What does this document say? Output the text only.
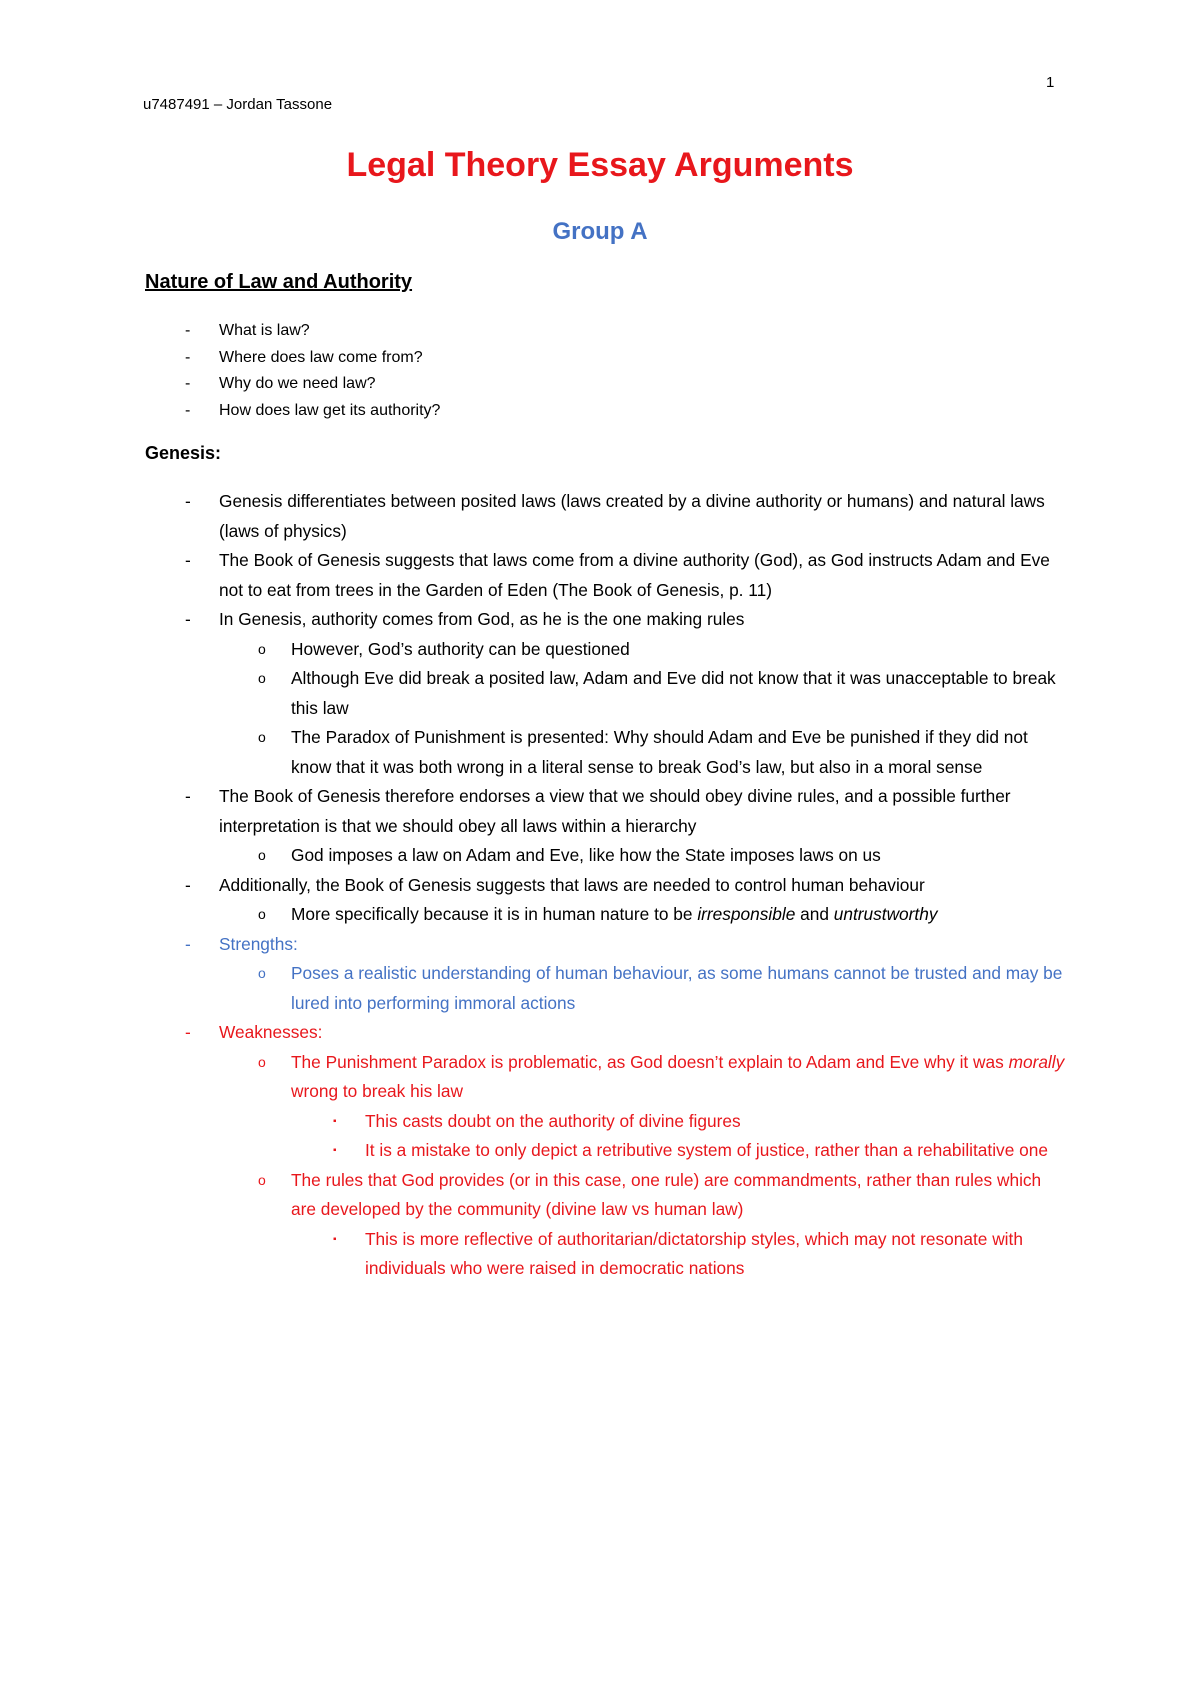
1
u7487491 – Jordan Tassone
Legal Theory Essay Arguments
Group A
Nature of Law and Authority
- What is law?
- Where does law come from?
- Why do we need law?
- How does law get its authority?
Genesis:
- Genesis differentiates between posited laws (laws created by a divine authority or humans) and natural laws (laws of physics)
- The Book of Genesis suggests that laws come from a divine authority (God), as God instructs Adam and Eve not to eat from trees in the Garden of Eden (The Book of Genesis, p. 11)
- In Genesis, authority comes from God, as he is the one making rules
o However, God’s authority can be questioned
o Although Eve did break a posited law, Adam and Eve did not know that it was unacceptable to break this law
o The Paradox of Punishment is presented: Why should Adam and Eve be punished if they did not know that it was both wrong in a literal sense to break God’s law, but also in a moral sense
- The Book of Genesis therefore endorses a view that we should obey divine rules, and a possible further interpretation is that we should obey all laws within a hierarchy
o God imposes a law on Adam and Eve, like how the State imposes laws on us
- Additionally, the Book of Genesis suggests that laws are needed to control human behaviour
o More specifically because it is in human nature to be irresponsible and untrustworthy
- Strengths:
o Poses a realistic understanding of human behaviour, as some humans cannot be trusted and may be lured into performing immoral actions
- Weaknesses:
o The Punishment Paradox is problematic, as God doesn’t explain to Adam and Eve why it was morally wrong to break his law
▪ This casts doubt on the authority of divine figures
▪ It is a mistake to only depict a retributive system of justice, rather than a rehabilitative one
o The rules that God provides (or in this case, one rule) are commandments, rather than rules which are developed by the community (divine law vs human law)
▪ This is more reflective of authoritarian/dictatorship styles, which may not resonate with individuals who were raised in democratic nations
